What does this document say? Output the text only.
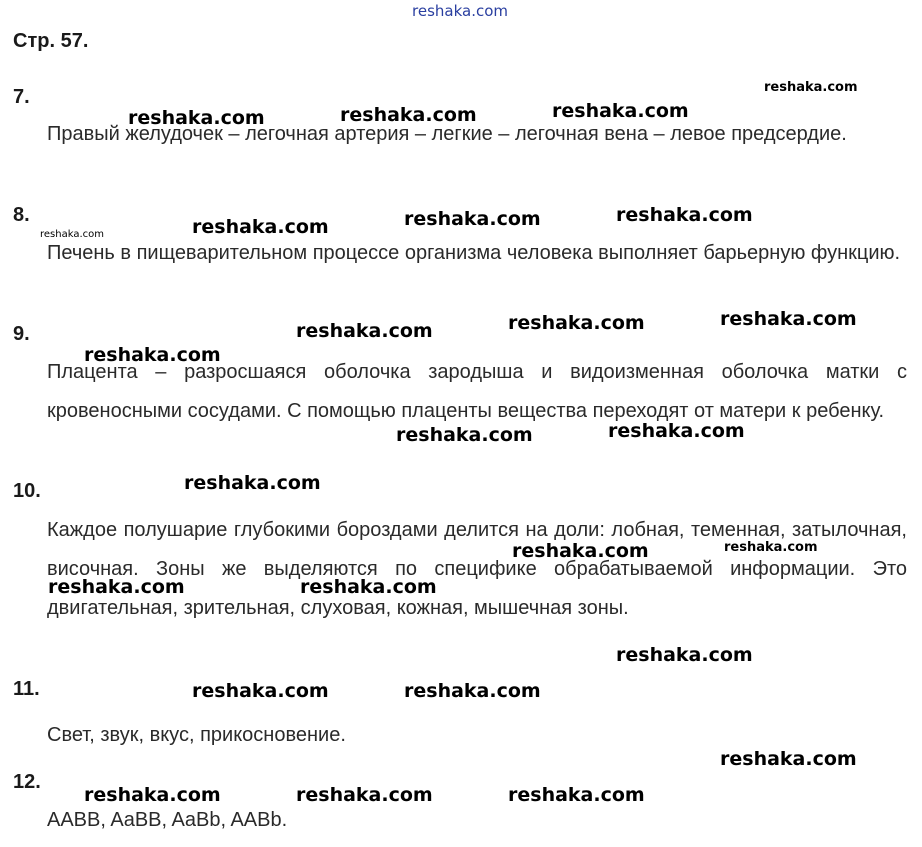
reshaka.com
Стр. 57.
7.
Правый желудочек – легочная артерия – легкие – легочная вена – левое предсердие.
8.
Печень в пищеварительном процессе организма человека выполняет барьерную функцию.
9.
Плацента – разросшаяся оболочка зародыша и видоизменная оболочка матки с кровеносными сосудами. С помощью плаценты вещества переходят от матери к ребенку.
10.
Каждое полушарие глубокими бороздами делится на доли: лобная, теменная, затылочная, височная. Зоны же выделяются по специфике обрабатываемой информации. Это двигательная, зрительная, слуховая, кожная, мышечная зоны.
11.
Свет, звук, вкус, прикосновение.
12.
AABB, AaBB, AaBb, AABb.
reshaka.com
reshaka.com	reshaka.com	reshaka.com
reshaka.com	reshaka.com	reshaka.com	reshaka.com
reshaka.com	reshaka.com	reshaka.com
reshaka.com
reshaka.com	reshaka.com
reshaka.com
reshaka.com	reshaka.com
reshaka.com	reshaka.com
reshaka.com
reshaka.com	reshaka.com
reshaka.com
reshaka.com	reshaka.com	reshaka.com
